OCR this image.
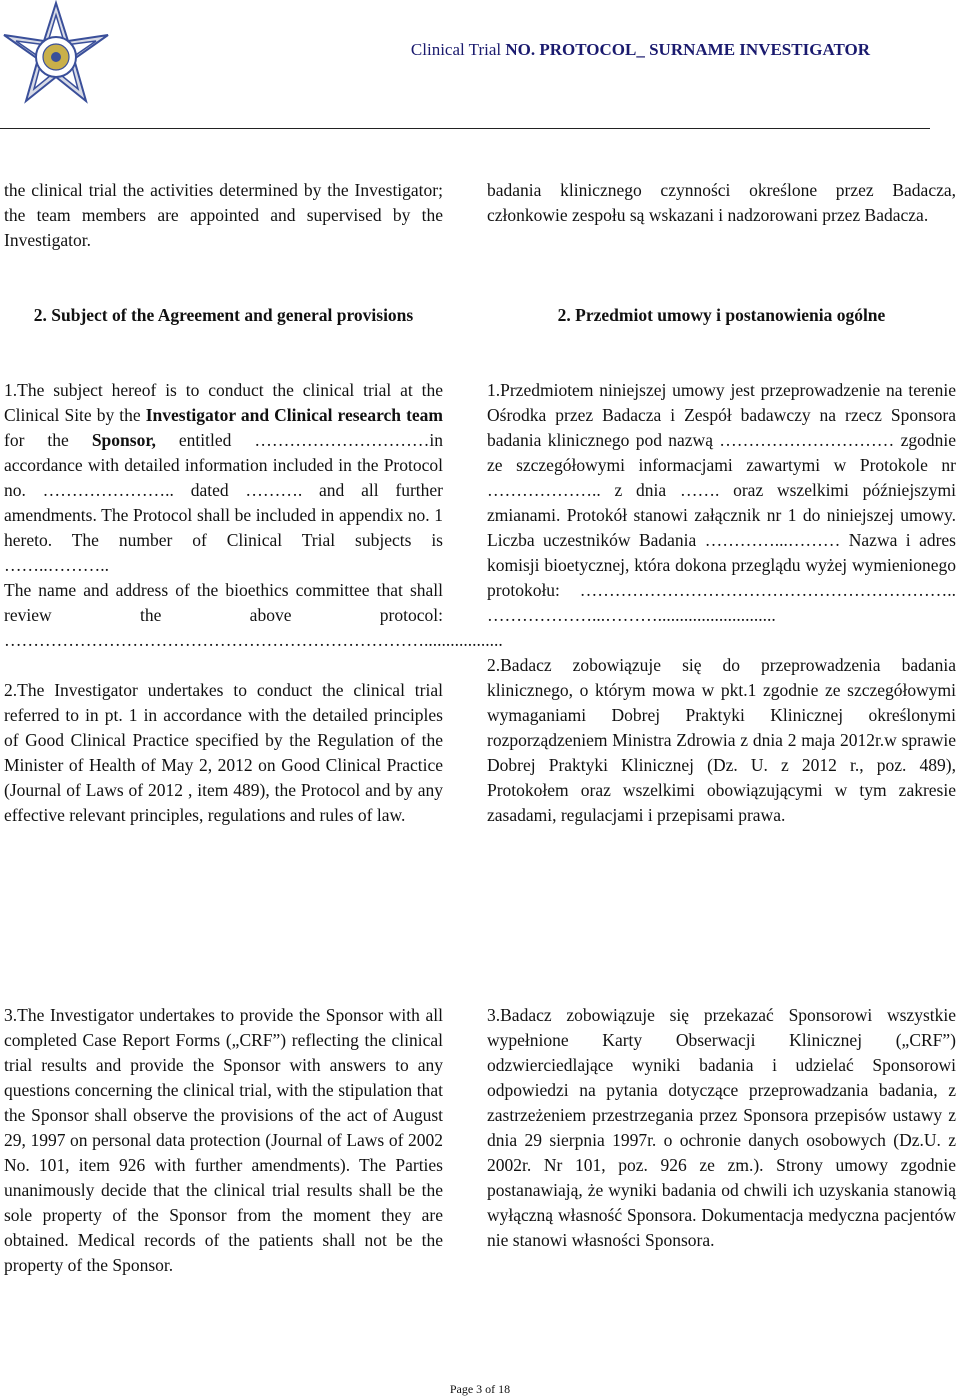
Clinical Trial NO. PROTOCOL_ SURNAME INVESTIGATOR

the clinical trial the activities determined by the Investigator; the team members are appointed and supervised by the Investigator.

2. Subject of the Agreement and general provisions

1.The subject hereof is to conduct the clinical trial at the Clinical Site by the Investigator and Clinical research team for the Sponsor, entitled …………………………in accordance with detailed information included in the Protocol no. ………………….. dated ………. and all further amendments. The Protocol shall be included in appendix no. 1 hereto. The number of Clinical Trial subjects is ……..………..

The name and address of the bioethics committee that shall review the above protocol: ………………………………………………………………..................

2.The Investigator undertakes to conduct the clinical trial referred to in pt. 1 in accordance with the detailed principles of Good Clinical Practice specified by the Regulation of the Minister of Health of May 2, 2012 on Good Clinical Practice (Journal of Laws of 2012 , item 489), the Protocol and by any effective relevant principles, regulations and rules of law.

3.The Investigator undertakes to provide the Sponsor with all completed Case Report Forms („CRF”) reflecting the clinical trial results and provide the Sponsor with answers to any questions concerning the clinical trial, with the stipulation that the Sponsor shall observe the provisions of the act of August 29, 1997 on personal data protection (Journal of Laws of 2002 No. 101, item 926 with further amendments). The Parties unanimously decide that the clinical trial results shall be the sole property of the Sponsor from the moment they are obtained. Medical records of the patients shall not be the property of the Sponsor.

badania klinicznego czynności określone przez Badacza, członkowie zespołu są wskazani i nadzorowani przez Badacza.

2. Przedmiot umowy i postanowienia ogólne

1.Przedmiotem niniejszej umowy jest przeprowadzenie na terenie Ośrodka przez Badacza i Zespół badawczy na rzecz Sponsora badania klinicznego pod nazwą ………………………… zgodnie ze szczegółowymi informacjami zawartymi w Protokole nr ……………….. z dnia ……. oraz wszelkimi późniejszymi zmianami. Protokół stanowi załącznik nr 1 do niniejszej umowy. Liczba uczestników Badania …………...……… Nazwa i adres komisji bioetycznej, która dokona przeglądu wyżej wymienionego protokołu: ……………………………………………………….. ………………...………...........................

2.Badacz zobowiązuje się do przeprowadzenia badania klinicznego, o którym mowa w pkt.1 zgodnie ze szczegółowymi wymaganiami Dobrej Praktyki Klinicznej określonymi rozporządzeniem Ministra Zdrowia z dnia 2 maja 2012r.w sprawie Dobrej Praktyki Klinicznej (Dz. U. z 2012 r., poz. 489), Protokołem oraz wszelkimi obowiązującymi w tym zakresie zasadami, regulacjami i przepisami prawa.

3.Badacz zobowiązuje się przekazać Sponsorowi wszystkie wypełnione Karty Obserwacji Klinicznej („CRF”) odzwierciedlające wyniki badania i udzielać Sponsorowi odpowiedzi na pytania dotyczące przeprowadzania badania, z zastrzeżeniem przestrzegania przez Sponsora przepisów ustawy z dnia 29 sierpnia 1997r. o ochronie danych osobowych (Dz.U. z 2002r. Nr 101, poz. 926 ze zm.). Strony umowy zgodnie postanawiają, że wyniki badania od chwili ich uzyskania stanowią wyłączną własność Sponsora. Dokumentacja medyczna pacjentów nie stanowi własności Sponsora.

Page 3 of 18
